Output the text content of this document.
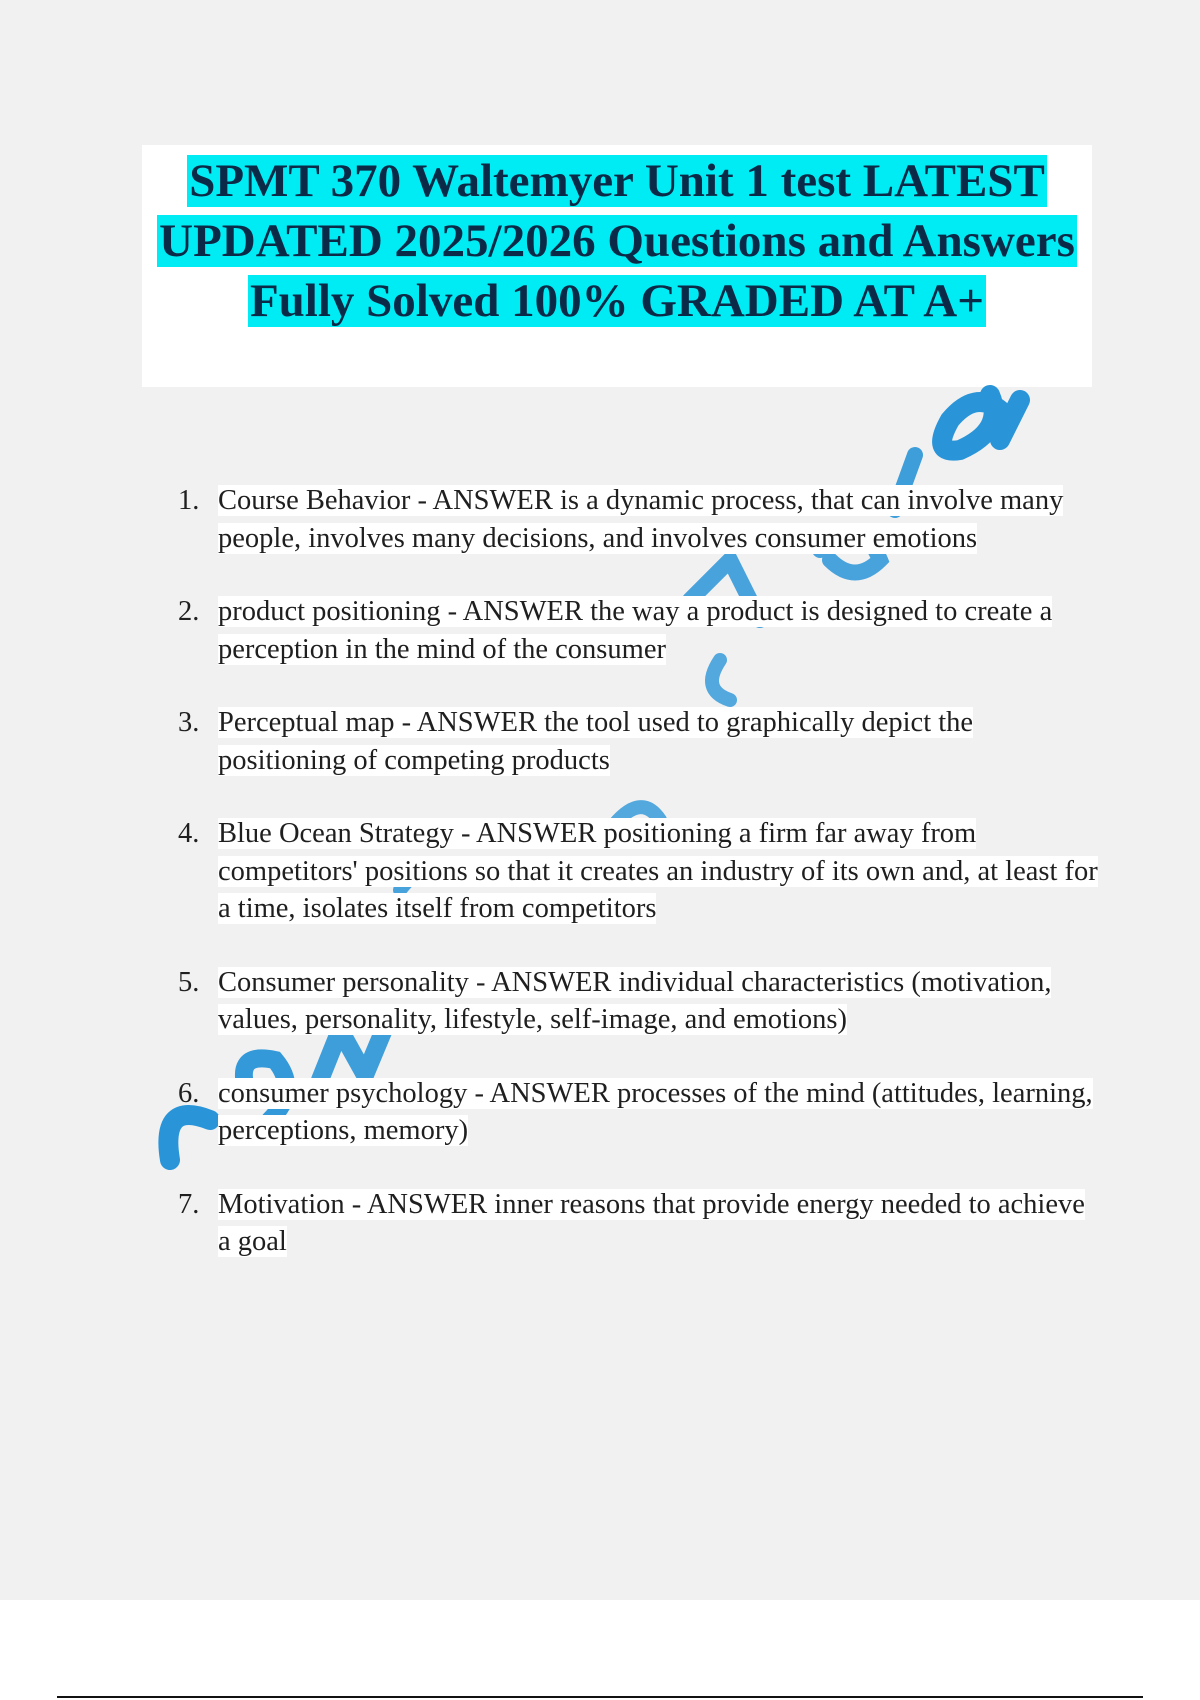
SPMT 370 Waltemyer Unit 1 test LATEST UPDATED 2025/2026 Questions and Answers Fully Solved 100% GRADED AT A+
1. Course Behavior - ANSWER is a dynamic process, that can involve many people, involves many decisions, and involves consumer emotions
2. product positioning - ANSWER the way a product is designed to create a perception in the mind of the consumer
3. Perceptual map - ANSWER the tool used to graphically depict the positioning of competing products
4. Blue Ocean Strategy - ANSWER positioning a firm far away from competitors' positions so that it creates an industry of its own and, at least for a time, isolates itself from competitors
5. Consumer personality - ANSWER individual characteristics (motivation, values, personality, lifestyle, self-image, and emotions)
6. consumer psychology - ANSWER processes of the mind (attitudes, learning, perceptions, memory)
7. Motivation - ANSWER inner reasons that provide energy needed to achieve a goal
